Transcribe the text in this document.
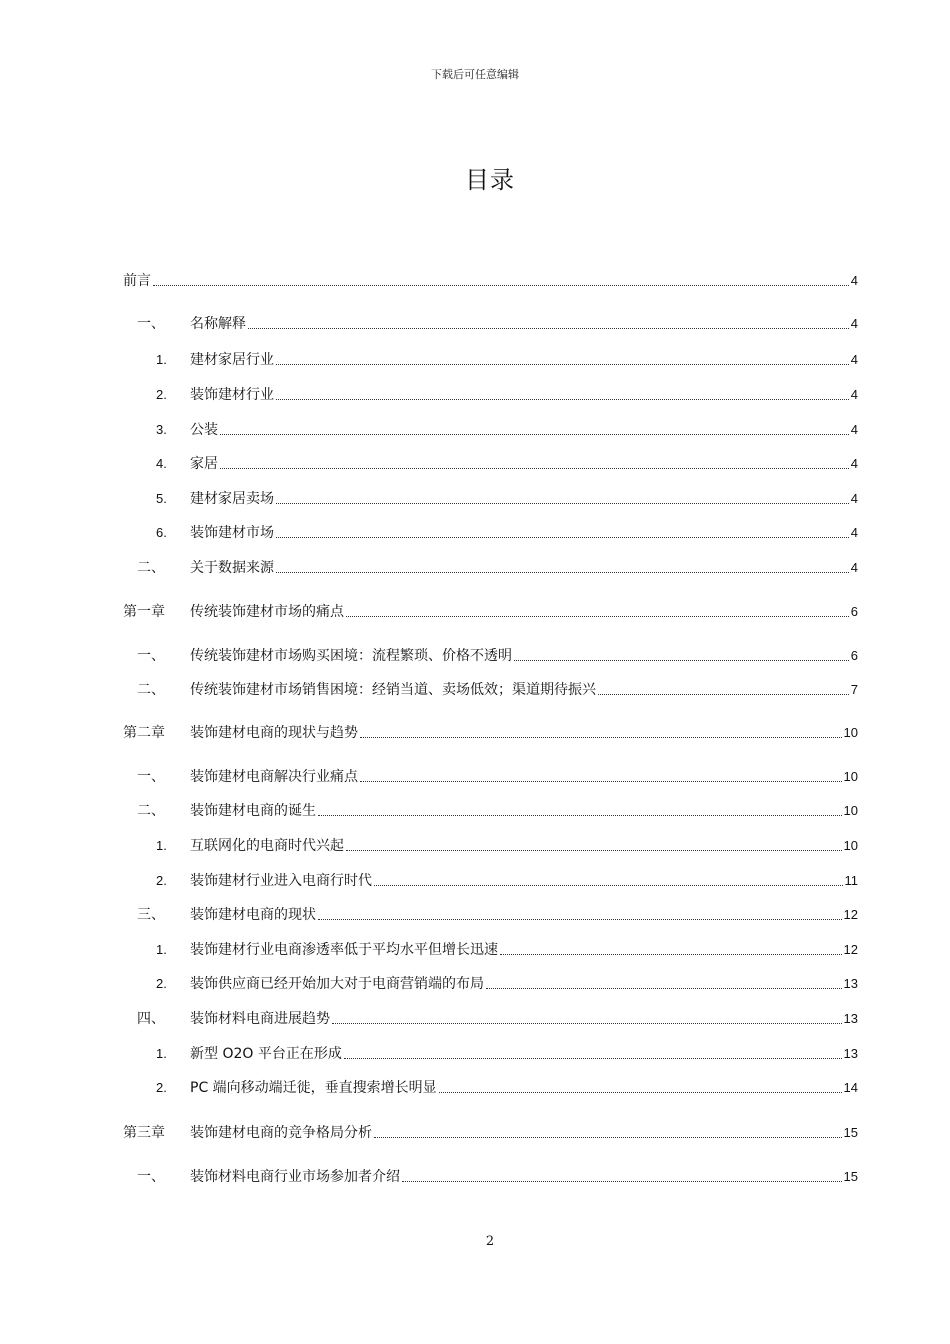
下载后可任意编辑
目录
前言	4
一、	名称解释	4
1.	建材家居行业	4
2.	装饰建材行业	4
3.	公装	4
4.	家居	4
5.	建材家居卖场	4
6.	装饰建材市场	4
二、	关于数据来源	4
第一章	传统装饰建材市场的痛点	6
一、	传统装饰建材市场购买困境：流程繁琐、价格不透明	6
二、	传统装饰建材市场销售困境：经销当道、卖场低效；渠道期待振兴	7
第二章	装饰建材电商的现状与趋势	10
一、	装饰建材电商解决行业痛点	10
二、	装饰建材电商的诞生	10
1.	互联网化的电商时代兴起	10
2.	装饰建材行业进入电商行时代	11
三、	装饰建材电商的现状	12
1.	装饰建材行业电商渗透率低于平均水平但增长迅速	12
2.	装饰供应商已经开始加大对于电商营销端的布局	13
四、	装饰材料电商进展趋势	13
1.	新型 O2O 平台正在形成	13
2.	PC 端向移动端迁徙，垂直搜索增长明显	14
第三章	装饰建材电商的竞争格局分析	15
一、	装饰材料电商行业市场参加者介绍	15
2
